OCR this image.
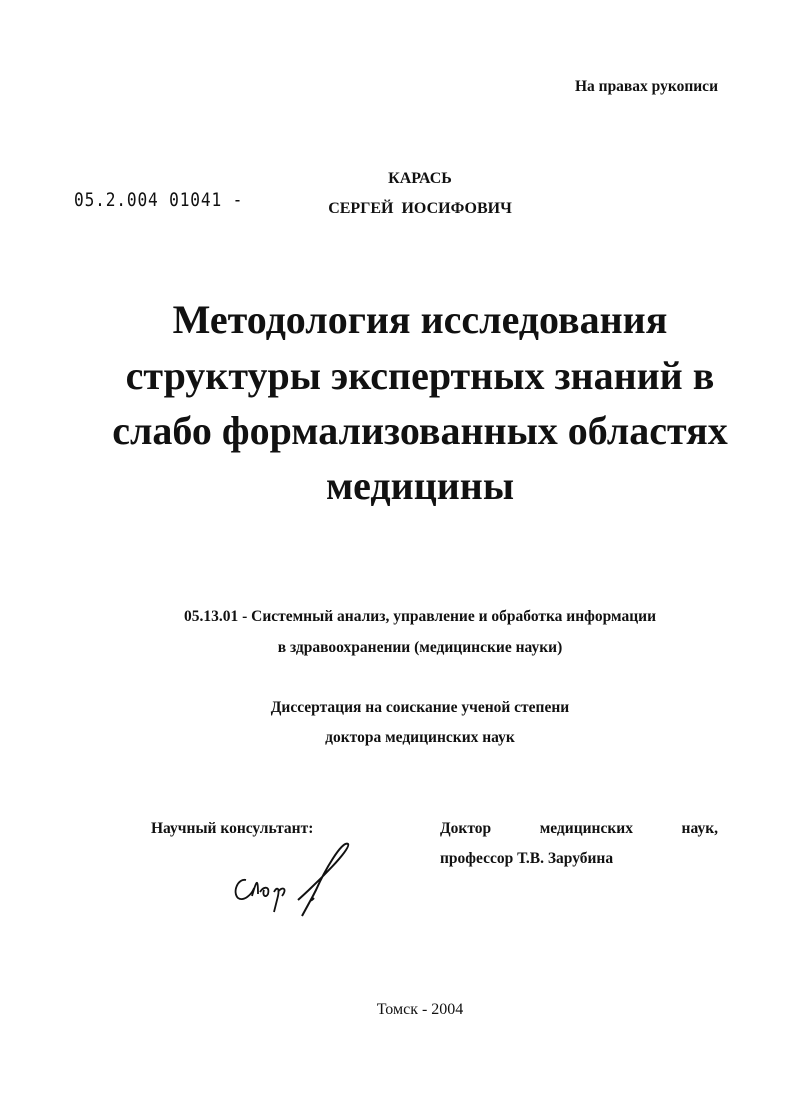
На правах рукописи
05.2.004 01041 -
КАРАСЬ
СЕРГЕЙ  ИОСИФОВИЧ
Методология исследования
структуры экспертных знаний в
слабо формализованных областях
медицины
05.13.01 - Системный анализ, управление и обработка информации
в здравоохранении (медицинские науки)
Диссертация на соискание ученой степени
доктора медицинских наук
Научный консультант:	Доктор	медицинских	наук,
профессор Т.В. Зарубина
Томск - 2004
